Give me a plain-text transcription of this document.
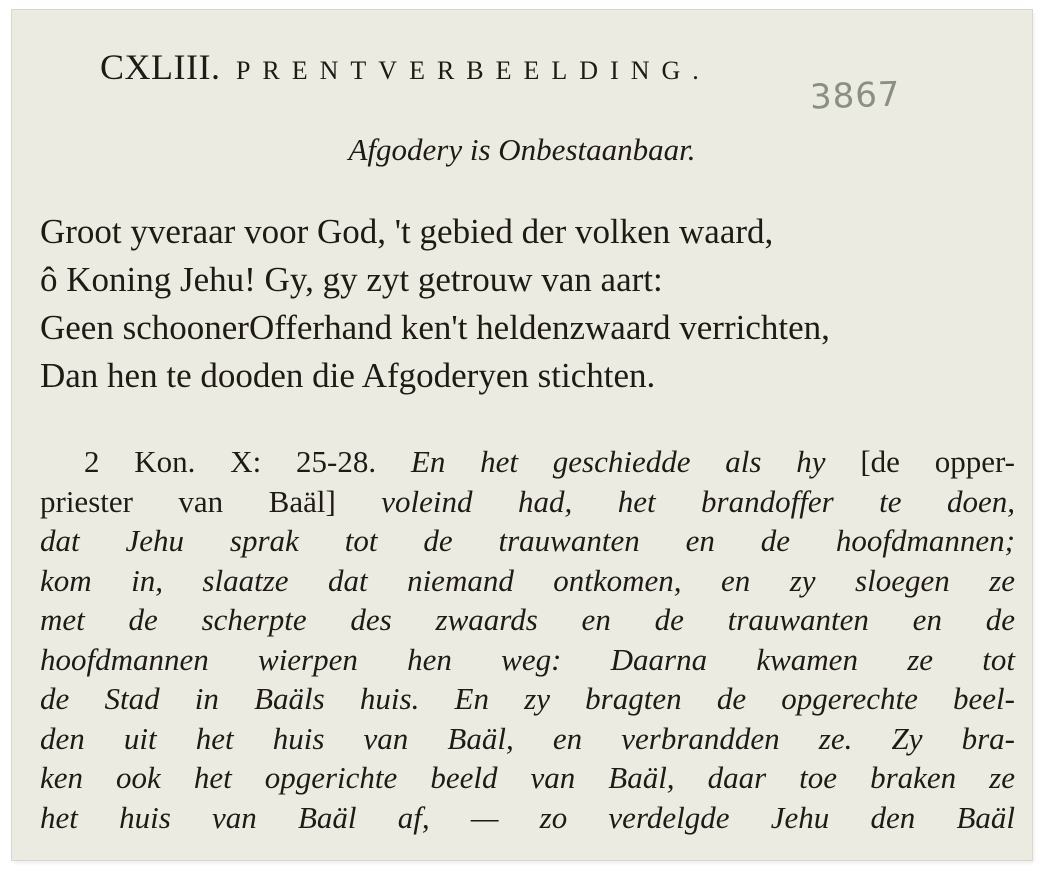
CXLIII. PRENTVERBEELDING.
3867
Afgodery is Onbestaanbaar.
Groot yveraar voor God, 't gebied der volken waard,
ô Koning Jehu! Gy, gy zyt getrouw van aart:
Geen schoonerOfferhand ken't heldenzwaard verrichten,
Dan hen te dooden die Afgoderyen stichten.
2 Kon. X: 25-28. En het geschiedde als hy [de opper-
priester van Baäl] voleind had, het brandoffer te doen,
dat Jehu sprak tot de trauwanten en de hoofdmannen;
kom in, slaatze dat niemand ontkomen, en zy sloegen ze
met de scherpte des zwaards en de trauwanten en de
hoofdmannen wierpen hen weg: Daarna kwamen ze tot
de Stad in Baäls huis. En zy bragten de opgerechte beel-
den uit het huis van Baäl, en verbrandden ze. Zy bra-
ken ook het opgerichte beeld van Baäl, daar toe braken ze
het huis van Baäl af, — zo verdelgde Jehu den Baäl
